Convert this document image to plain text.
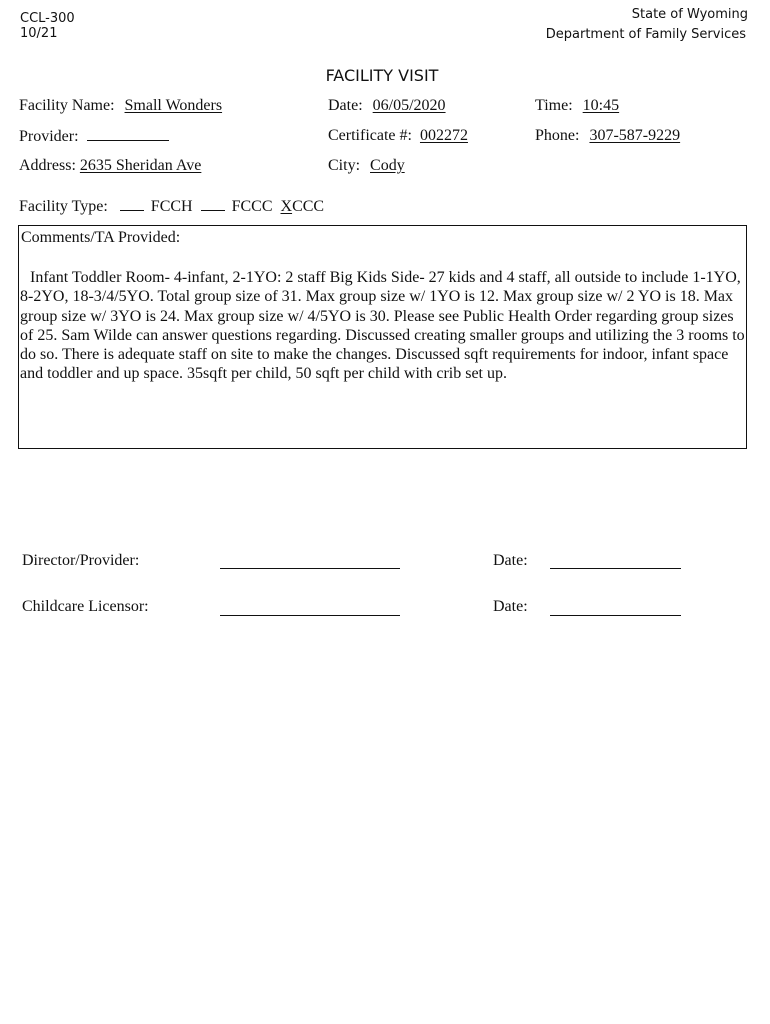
CCL-300
10/21
State of Wyoming
Department of Family Services
FACILITY VISIT
Facility Name: Small Wonders	Date: 06/05/2020	Time: 10:45
Provider:	Certificate #: 002272	Phone: 307-587-9229
Address: 2635 Sheridan Ave	City: Cody
Facility Type:	FCCH FCCC XCCC
Comments/TA Provided:
Infant Toddler Room- 4-infant, 2-1YO: 2 staff Big Kids Side- 27 kids and 4 staff, all outside to include 1-1YO, 8-2YO, 18-3/4/5YO. Total group size of 31. Max group size w/ 1YO is 12. Max group size w/ 2 YO is 18. Max group size w/ 3YO is 24. Max group size w/ 4/5YO is 30. Please see Public Health Order regarding group sizes of 25. Sam Wilde can answer questions regarding. Discussed creating smaller groups and utilizing the 3 rooms to do so. There is adequate staff on site to make the changes. Discussed sqft requirements for indoor, infant space and toddler and up space. 35sqft per child, 50 sqft per child with crib set up.
Director/Provider:	Date:
Childcare Licensor:	Date:
